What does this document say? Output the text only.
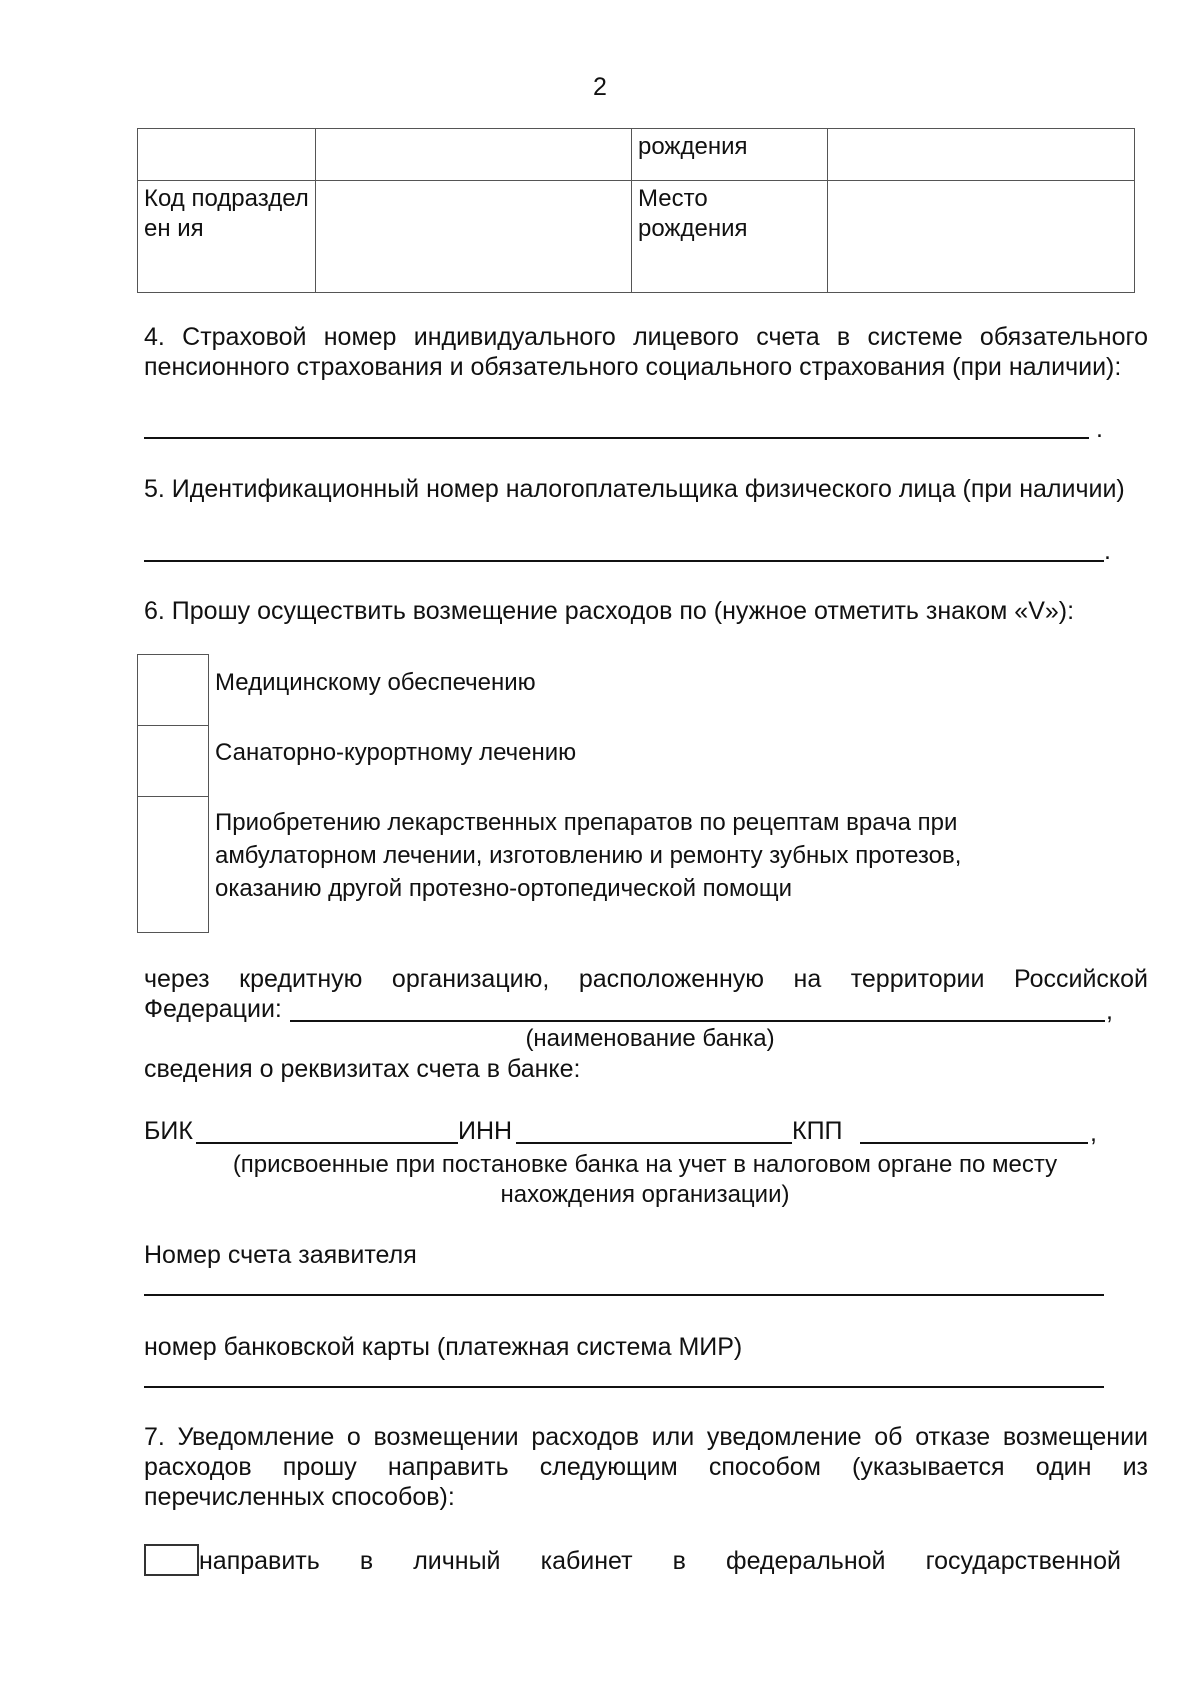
2
		рождения	
Код подразделен ия		Место рождения	
4. Страховой номер индивидуального лицевого счета в системе обязательного пенсионного страхования и обязательного социального страхования (при наличии):
.
5. Идентификационный номер налогоплательщика физического лица (при наличии)
.
6. Прошу осуществить возмещение расходов по (нужное отметить знаком «V»):
Медицинскому обеспечению
Санаторно-курортному лечению
Приобретению лекарственных препаратов по рецептам врача при амбулаторном лечении, изготовлению и ремонту зубных протезов, оказанию другой протезно-ортопедической помощи
через кредитную организацию, расположенную на территории Российской
Федерации:	,
(наименование банка)
сведения о реквизитах счета в банке:
БИК	ИНН	КПП	,
(присвоенные при постановке банка на учет в налоговом органе по месту
нахождения организации)
Номер счета заявителя
номер банковской карты (платежная система МИР)
7. Уведомление о возмещении расходов или уведомление об отказе возмещении расходов прошу направить следующим способом (указывается один из перечисленных способов):
направить в личный кабинет в федеральной государственной
